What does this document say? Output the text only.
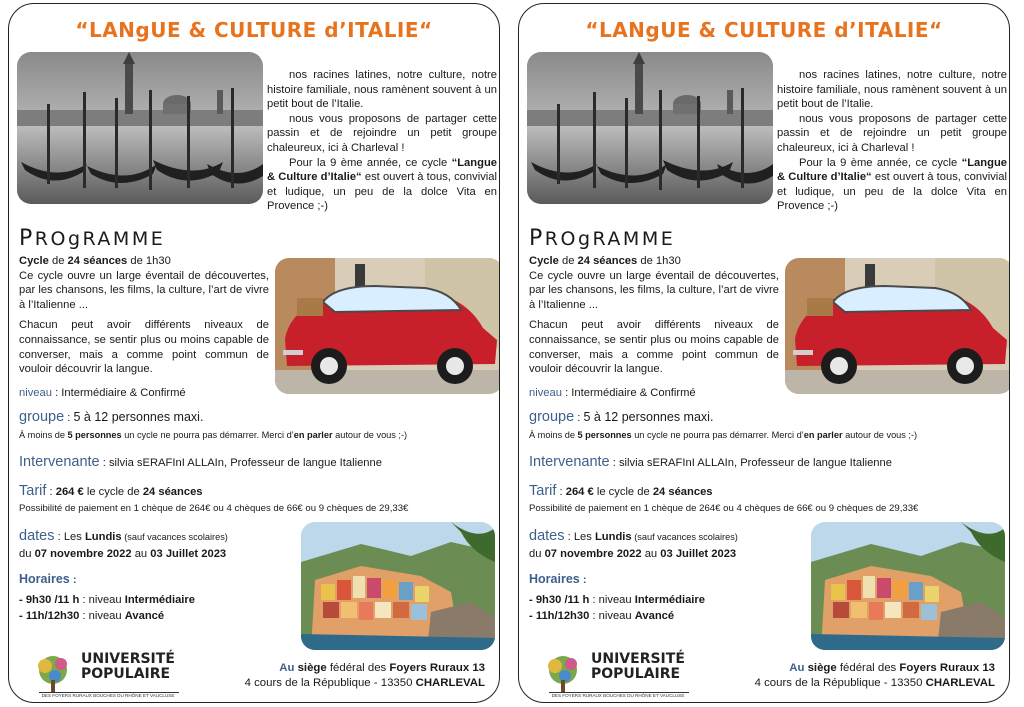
“LANgUE & CULTURE d’ITALIE“

nos racines latines, notre culture, notre histoire familiale, nous ramènent souvent à un petit bout de l’Italie.

nous vous proposons de partager cette passin et de rejoindre un petit groupe chaleureux, ici à Charleval !

Pour la 9 ème année, ce cycle “Langue & Culture d’Italie“ est ouvert à tous, convivial et ludique, un peu de la dolce Vita en Provence ;-)

PROgRAMME

Cycle de 24 séances de 1h30

Ce cycle ouvre un large éventail de découvertes, par les chansons, les films, la culture, l’art de vivre à l’Italienne ...

Chacun peut avoir différents niveaux de connaissance, se sentir plus ou moins capable de converser, mais a comme point commun de vouloir découvrir la langue.

niveau : Intermédiaire & Confirmé
groupe : 5 à 12 personnes maxi.
À moins de 5 personnes un cycle ne pourra pas démarrer. Merci d’en parler autour de vous ;-)
Intervenante : silvia sERAFInI ALLAIn, Professeur de langue Italienne
Tarif : 264 € le cycle de 24 séances
Possibilité de paiement en 1 chèque de 264€ ou 4 chèques de 66€ ou 9 chèques de 29,33€
dates : Les Lundis (sauf vacances scolaires)
du 07 novembre 2022 au 03 Juillet 2023
Horaires :
- 9h30 /11 h : niveau Intermédiaire
- 11h/12h30 : niveau Avancé
UNIVERSITÉ
POPULAIRE
DES FOYERS RURAUX BOUCHES DU RHÔNE ET VAUCLUSE
Au siège fédéral des Foyers Ruraux 13
4 cours de la République - 13350 CHARLEVAL
“LANgUE & CULTURE d’ITALIE“

nos racines latines, notre culture, notre histoire familiale, nous ramènent souvent à un petit bout de l’Italie.

nous vous proposons de partager cette passin et de rejoindre un petit groupe chaleureux, ici à Charleval !

Pour la 9 ème année, ce cycle “Langue & Culture d’Italie“ est ouvert à tous, convivial et ludique, un peu de la dolce Vita en Provence ;-)

PROgRAMME

Cycle de 24 séances de 1h30

Ce cycle ouvre un large éventail de découvertes, par les chansons, les films, la culture, l’art de vivre à l’Italienne ...

Chacun peut avoir différents niveaux de connaissance, se sentir plus ou moins capable de converser, mais a comme point commun de vouloir découvrir la langue.

niveau : Intermédiaire & Confirmé
groupe : 5 à 12 personnes maxi.
À moins de 5 personnes un cycle ne pourra pas démarrer. Merci d’en parler autour de vous ;-)
Intervenante : silvia sERAFInI ALLAIn, Professeur de langue Italienne
Tarif : 264 € le cycle de 24 séances
Possibilité de paiement en 1 chèque de 264€ ou 4 chèques de 66€ ou 9 chèques de 29,33€
dates : Les Lundis (sauf vacances scolaires)
du 07 novembre 2022 au 03 Juillet 2023
Horaires :
- 9h30 /11 h : niveau Intermédiaire
- 11h/12h30 : niveau Avancé
UNIVERSITÉ
POPULAIRE
DES FOYERS RURAUX BOUCHES DU RHÔNE ET VAUCLUSE
Au siège fédéral des Foyers Ruraux 13
4 cours de la République - 13350 CHARLEVAL
